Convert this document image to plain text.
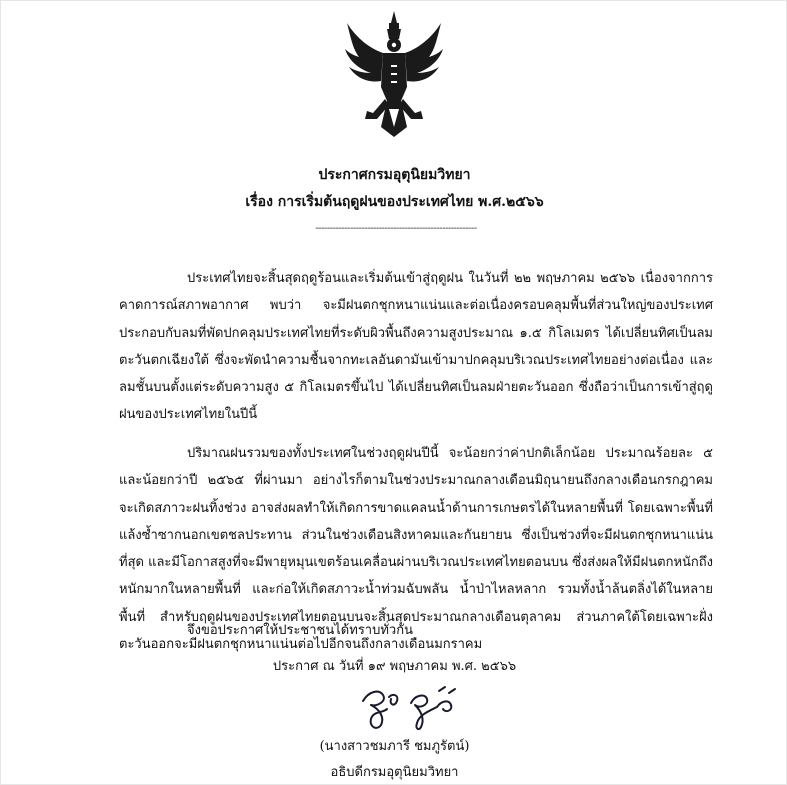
ประกาศกรมอุตุนิยมวิทยา
เรื่อง การเริ่มต้นฤดูฝนของประเทศไทย พ.ศ.๒๕๖๖
--------------------------------------------------------

ประเทศไทยจะสิ้นสุดฤดูร้อนและเริ่มต้นเข้าสู่ฤดูฝน ในวันที่ ๒๒ พฤษภาคม ๒๕๖๖ เนื่องจากการคาดการณ์สภาพอากาศ พบว่า จะมีฝนตกชุกหนาแน่นและต่อเนื่องครอบคลุมพื้นที่ส่วนใหญ่ของประเทศ ประกอบกับลมที่พัดปกคลุมประเทศไทยที่ระดับผิวพื้นถึงความสูงประมาณ ๑.๕ กิโลเมตร ได้เปลี่ยนทิศเป็นลมตะวันตกเฉียงใต้ ซึ่งจะพัดนำความชื้นจากทะเลอันดามันเข้ามาปกคลุมบริเวณประเทศไทยอย่างต่อเนื่อง และลมชั้นบนตั้งแต่ระดับความสูง ๕ กิโลเมตรขึ้นไป ได้เปลี่ยนทิศเป็นลมฝ่ายตะวันออก ซึ่งถือว่าเป็นการเข้าสู่ฤดูฝนของประเทศไทยในปีนี้

ปริมาณฝนรวมของทั้งประเทศในช่วงฤดูฝนปีนี้ จะน้อยกว่าค่าปกติเล็กน้อย ประมาณร้อยละ ๕ และน้อยกว่าปี ๒๕๖๕ ที่ผ่านมา อย่างไรก็ตามในช่วงประมาณกลางเดือนมิถุนายนถึงกลางเดือนกรกฎาคม จะเกิดสภาวะฝนทิ้งช่วง อาจส่งผลทำให้เกิดการขาดแคลนน้ำด้านการเกษตรได้ในหลายพื้นที่ โดยเฉพาะพื้นที่แล้งซ้ำซากนอกเขตชลประทาน ส่วนในช่วงเดือนสิงหาคมและกันยายน ซึ่งเป็นช่วงที่จะมีฝนตกชุกหนาแน่นที่สุด และมีโอกาสสูงที่จะมีพายุหมุนเขตร้อนเคลื่อนผ่านบริเวณประเทศไทยตอนบน ซึ่งส่งผลให้มีฝนตกหนักถึงหนักมากในหลายพื้นที่ และก่อให้เกิดสภาวะน้ำท่วมฉับพลัน น้ำป่าไหลหลาก รวมทั้งน้ำล้นตลิ่งได้ในหลายพื้นที่ สำหรับฤดูฝนของประเทศไทยตอนบนจะสิ้นสุดประมาณกลางเดือนตุลาคม ส่วนภาคใต้โดยเฉพาะฝั่งตะวันออกจะมีฝนตกชุกหนาแน่นต่อไปอีกจนถึงกลางเดือนมกราคม

จึงขอประกาศให้ประชาชนได้ทราบทั่วกัน

ประกาศ ณ วันที่ ๑๙ พฤษภาคม พ.ศ. ๒๕๖๖
(นางสาวชมภารี ชมภูรัตน์)
อธิบดีกรมอุตุนิยมวิทยา
